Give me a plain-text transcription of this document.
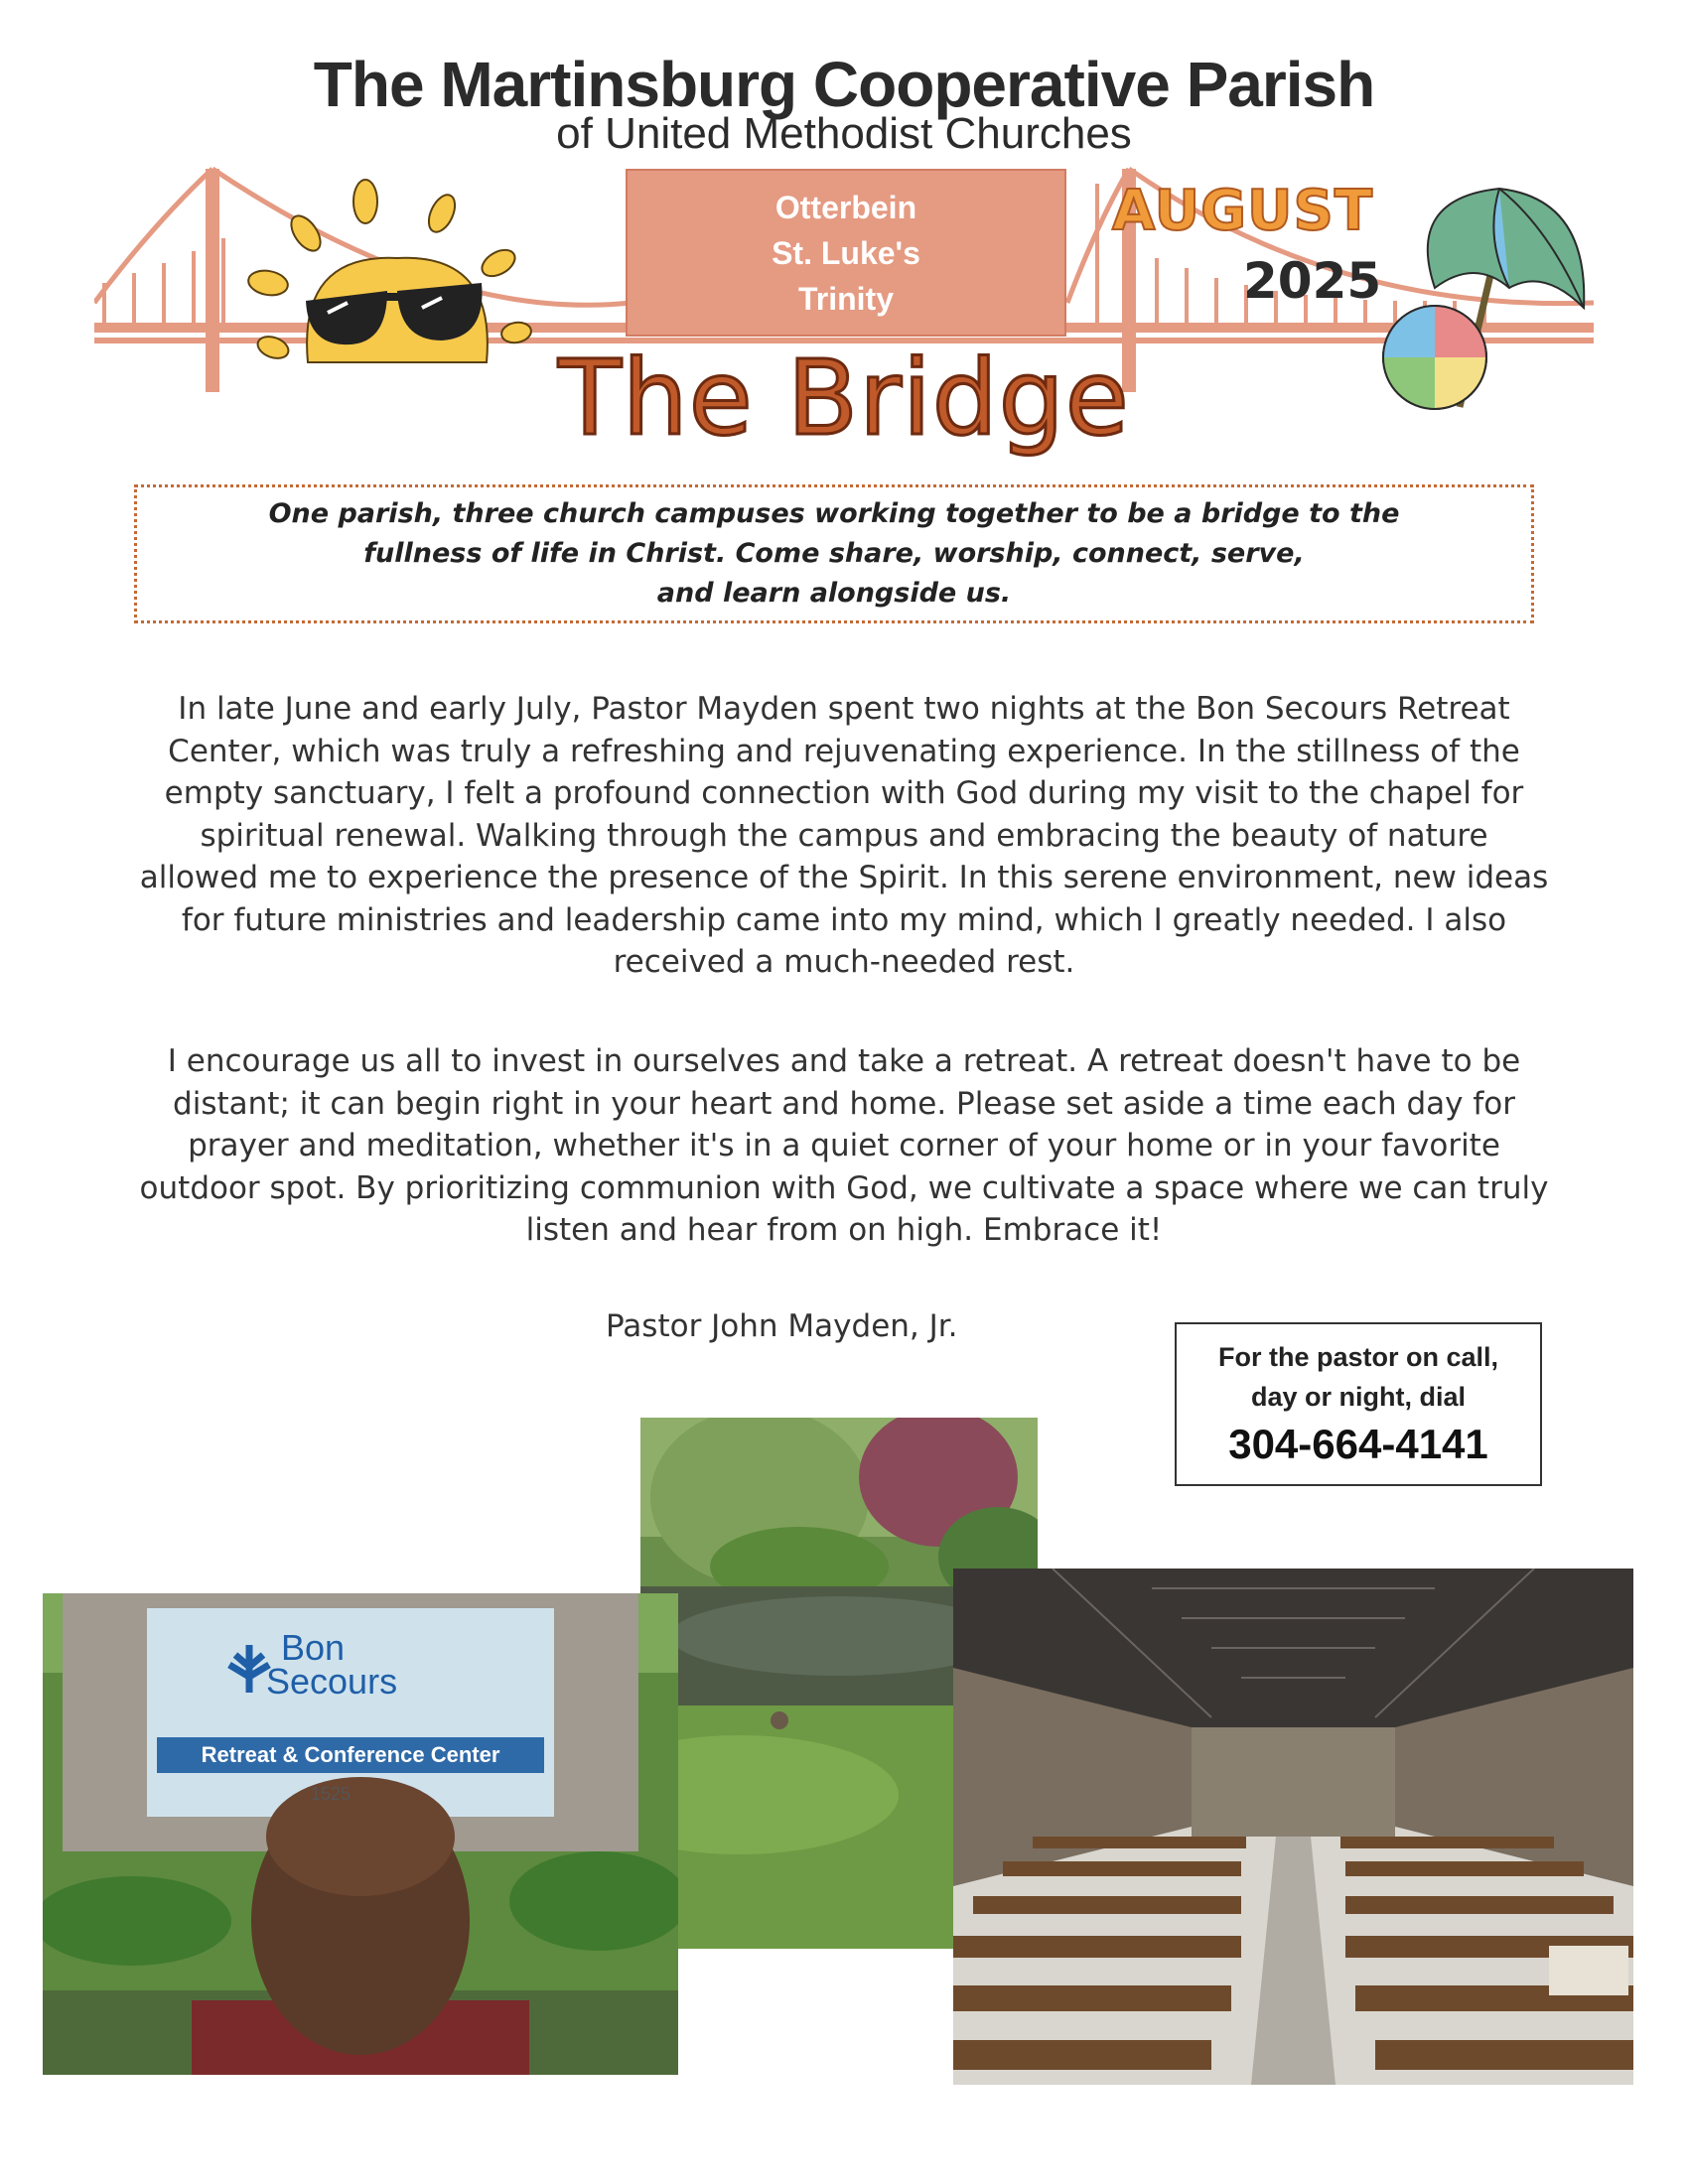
The Martinsburg Cooperative Parish
of United Methodist Churches
Otterbein
St. Luke's
Trinity
AUGUST
2025
The Bridge
One parish, three church campuses working together to be a bridge to the
fullness of life in Christ. Come share, worship, connect, serve,
and learn alongside us.

In late June and early July, Pastor Mayden spent two nights at the Bon Secours Retreat Center, which was truly a refreshing and rejuvenating experience. In the stillness of the empty sanctuary, I felt a profound connection with God during my visit to the chapel for spiritual renewal. Walking through the campus and embracing the beauty of nature allowed me to experience the presence of the Spirit. In this serene environment, new ideas for future ministries and leadership came into my mind, which I greatly needed. I also received a much-needed rest.

I encourage us all to invest in ourselves and take a retreat. A retreat doesn't have to be distant; it can begin right in your heart and home. Please set aside a time each day for prayer and meditation, whether it's in a quiet corner of your home or in your favorite outdoor spot. By prioritizing communion with God, we cultivate a space where we can truly listen and hear from on high. Embrace it!

Pastor John Mayden, Jr.
For the pastor on call,
day or night, dial
304-664-4141
Bon
Secours
Retreat & Conference Center
1525
